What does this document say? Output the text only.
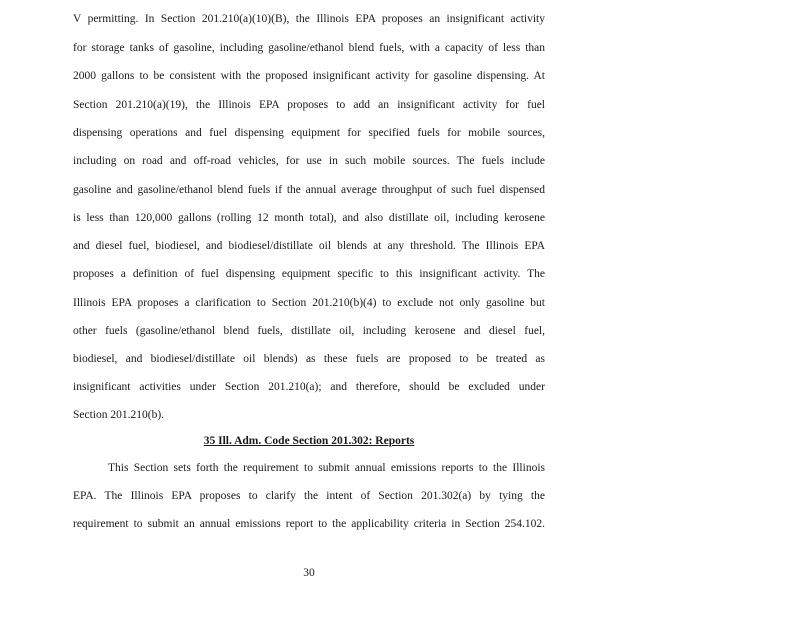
V permitting. In Section 201.210(a)(10)(B), the Illinois EPA proposes an insignificant activity
for storage tanks of gasoline, including gasoline/ethanol blend fuels, with a capacity of less than
2000 gallons to be consistent with the proposed insignificant activity for gasoline dispensing. At
Section 201.210(a)(19), the Illinois EPA proposes to add an insignificant activity for fuel
dispensing operations and fuel dispensing equipment for specified fuels for mobile sources,
including on road and off-road vehicles, for use in such mobile sources. The fuels include
gasoline and gasoline/ethanol blend fuels if the annual average throughput of such fuel dispensed
is less than 120,000 gallons (rolling 12 month total), and also distillate oil, including kerosene
and diesel fuel, biodiesel, and biodiesel/distillate oil blends at any threshold. The Illinois EPA
proposes a definition of fuel dispensing equipment specific to this insignificant activity. The
Illinois EPA proposes a clarification to Section 201.210(b)(4) to exclude not only gasoline but
other fuels (gasoline/ethanol blend fuels, distillate oil, including kerosene and diesel fuel,
biodiesel, and biodiesel/distillate oil blends) as these fuels are proposed to be treated as
insignificant activities under Section 201.210(a); and therefore, should be excluded under
Section 201.210(b).
35 Ill. Adm. Code Section 201.302: Reports
This Section sets forth the requirement to submit annual emissions reports to the Illinois
EPA. The Illinois EPA proposes to clarify the intent of Section 201.302(a) by tying the
requirement to submit an annual emissions report to the applicability criteria in Section 254.102.
30
